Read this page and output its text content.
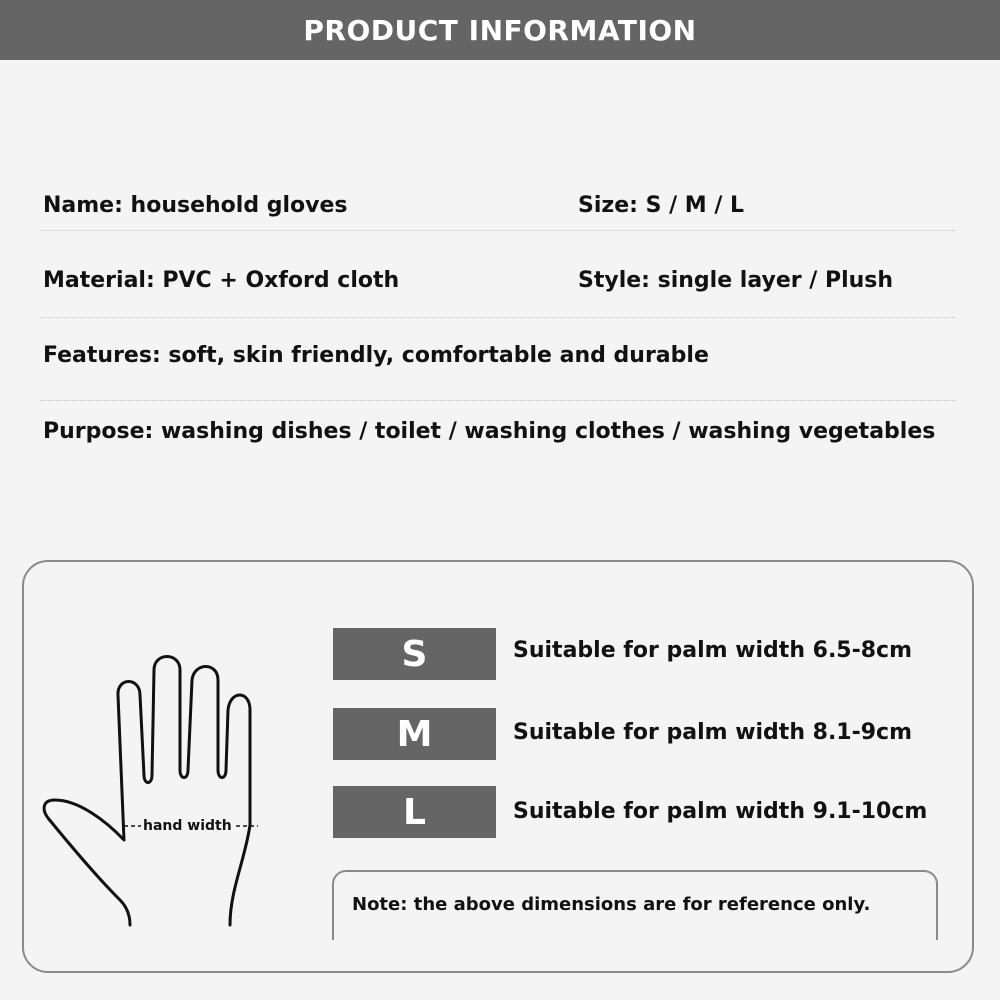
PRODUCT INFORMATION
Name: household gloves	Size: S / M / L
Material: PVC + Oxford cloth	Style: single layer / Plush
Features: soft, skin friendly, comfortable and durable
Purpose: washing dishes / toilet / washing clothes / washing vegetables
hand width
S	Suitable for palm width 6.5-8cm
M	Suitable for palm width 8.1-9cm
L	Suitable for palm width 9.1-10cm
Note: the above dimensions are for reference only.
